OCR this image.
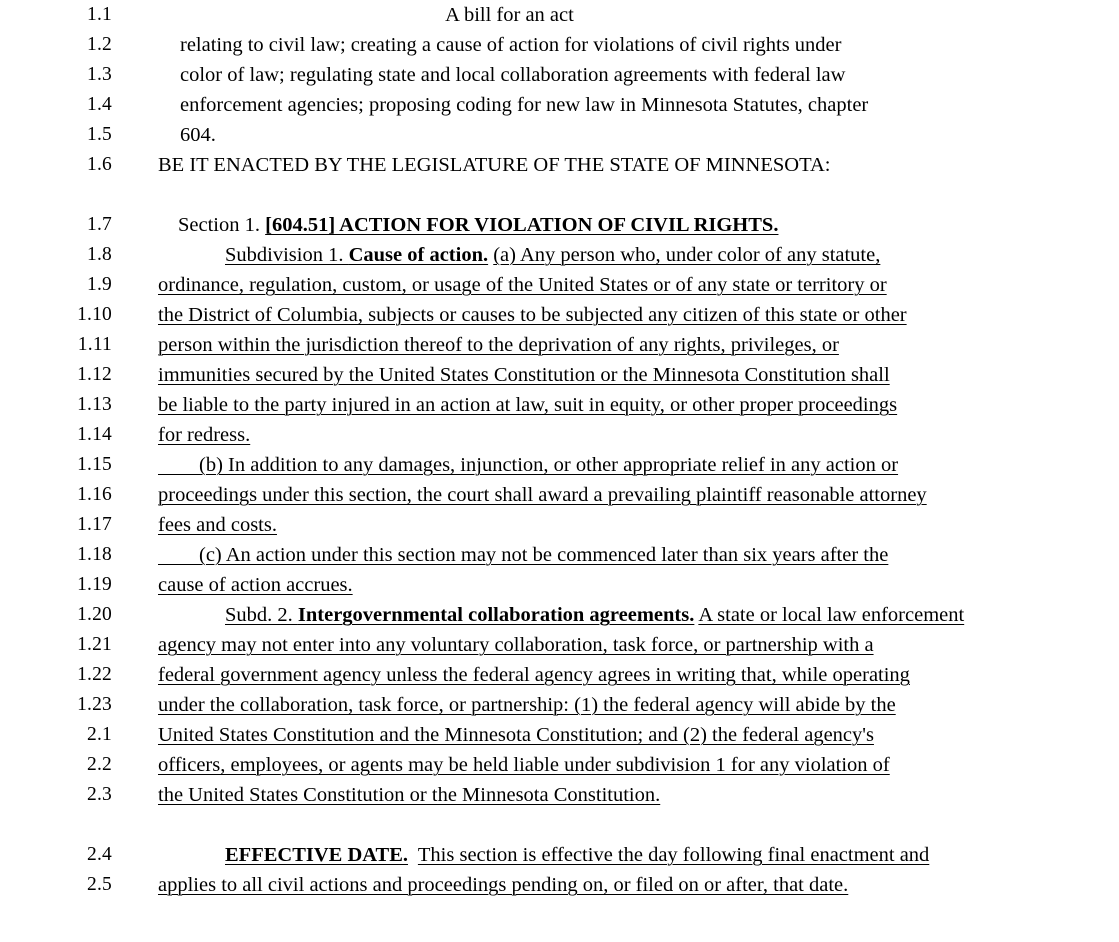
1.1	A bill for an act
1.2	relating to civil law; creating a cause of action for violations of civil rights under
1.3	color of law; regulating state and local collaboration agreements with federal law
1.4	enforcement agencies; proposing coding for new law in Minnesota Statutes, chapter
1.5	604.
1.6	BE IT ENACTED BY THE LEGISLATURE OF THE STATE OF MINNESOTA:
1.7	Section 1. [604.51] ACTION FOR VIOLATION OF CIVIL RIGHTS.
1.8	Subdivision 1. Cause of action. (a) Any person who, under color of any statute,
1.9	ordinance, regulation, custom, or usage of the United States or of any state or territory or
1.10	the District of Columbia, subjects or causes to be subjected any citizen of this state or other
1.11	person within the jurisdiction thereof to the deprivation of any rights, privileges, or
1.12	immunities secured by the United States Constitution or the Minnesota Constitution shall
1.13	be liable to the party injured in an action at law, suit in equity, or other proper proceedings
1.14	for redress.
1.15	(b) In addition to any damages, injunction, or other appropriate relief in any action or
1.16	proceedings under this section, the court shall award a prevailing plaintiff reasonable attorney
1.17	fees and costs.
1.18	(c) An action under this section may not be commenced later than six years after the
1.19	cause of action accrues.
1.20	Subd. 2. Intergovernmental collaboration agreements. A state or local law enforcement
1.21	agency may not enter into any voluntary collaboration, task force, or partnership with a
1.22	federal government agency unless the federal agency agrees in writing that, while operating
1.23	under the collaboration, task force, or partnership: (1) the federal agency will abide by the
2.1	United States Constitution and the Minnesota Constitution; and (2) the federal agency's
2.2	officers, employees, or agents may be held liable under subdivision 1 for any violation of
2.3	the United States Constitution or the Minnesota Constitution.
2.4	EFFECTIVE DATE. This section is effective the day following final enactment and
2.5	applies to all civil actions and proceedings pending on, or filed on or after, that date.
